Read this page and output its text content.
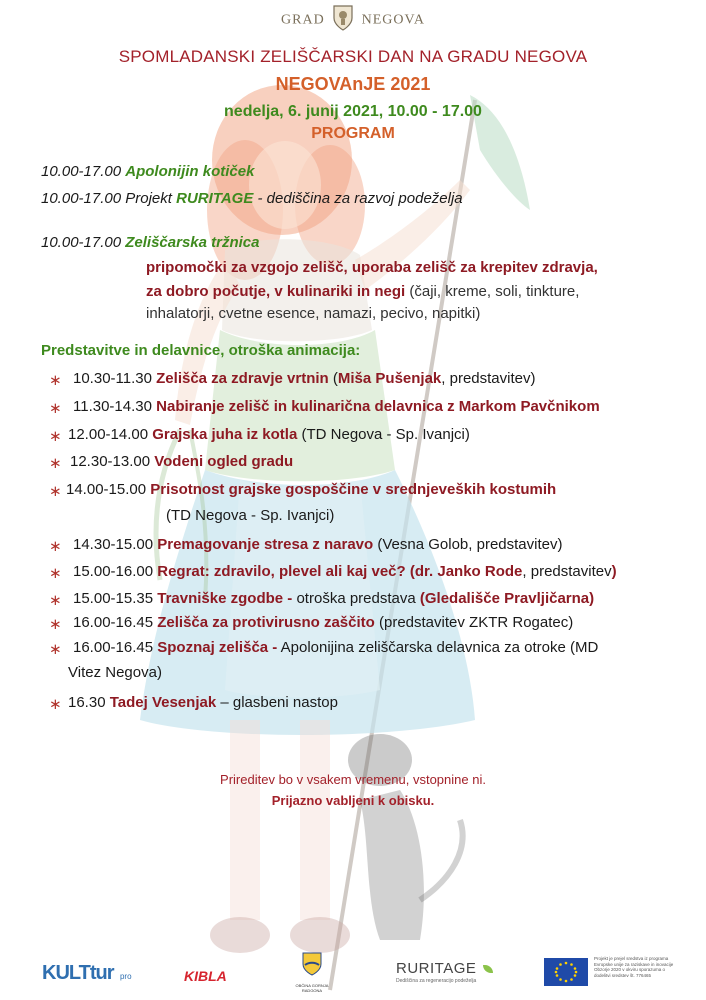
GRAD	NEGOVA
SPOMLADANSKI ZELIŠČARSKI DAN NA GRADU NEGOVA
NEGOVAnJE 2021
nedelja, 6. junij 2021, 10.00 - 17.00
PROGRAM
10.00-17.00 Apolonijin kotiček
10.00-17.00 Projekt RURITAGE - dediščina za razvoj podeželja
10.00-17.00 Zeliščarska tržnica
pripomočki za vzgojo zelišč, uporaba zelišč za krepitev zdravja,
za dobro počutje, v kulinariki in negi (čaji, kreme, soli, tinkture,
inhalatorji, cvetne esence, namazi, pecivo, napitki)
Predstavitve in delavnice, otroška animacija:
∗ 10.30-11.30 Zelišča za zdravje vrtnin (Miša Pušenjak, predstavitev)
∗ 11.30-14.30 Nabiranje zelišč in kulinarična delavnica z Markom Pavčnikom
∗ 12.00-14.00 Grajska juha iz kotla (TD Negova - Sp. Ivanjci)
∗ 12.30-13.00 Vodeni ogled gradu
∗ 14.00-15.00 Prisotnost grajske gospoščine v srednjeveških kostumih
(TD Negova - Sp. Ivanjci)
∗ 14.30-15.00 Premagovanje stresa z naravo (Vesna Golob, predstavitev)
∗ 15.00-16.00 Regrat: zdravilo, plevel ali kaj več? (dr. Janko Rode, predstavitev)
∗ 15.00-15.35 Travniške zgodbe - otroška predstava (Gledališče Pravljičarna)
∗ 16.00-16.45 Zelišča za protivirusno zaščito (predstavitev ZKTR Rogatec)
∗ 16.00-16.45 Spoznaj zelišča - Apolonijina zeliščarska delavnica za otroke (MD
Vitez Negova)
∗ 16.30 Tadej Vesenjak – glasbeni nastop
Prireditev bo v vsakem vremenu, vstopnine ni.
Prijazno vabljeni k obisku.
KULTtur pro	KIBLA
OBČINA GORNJA RADGONA
RURITAGE
Dediščina za regeneracijo podeželja
Projekt je prejel sredstva iz programa Evropske unije za raziskave in inovacije Obzorje 2020 v okviru sporazuma o dodelitvi sredstev št. 776465
